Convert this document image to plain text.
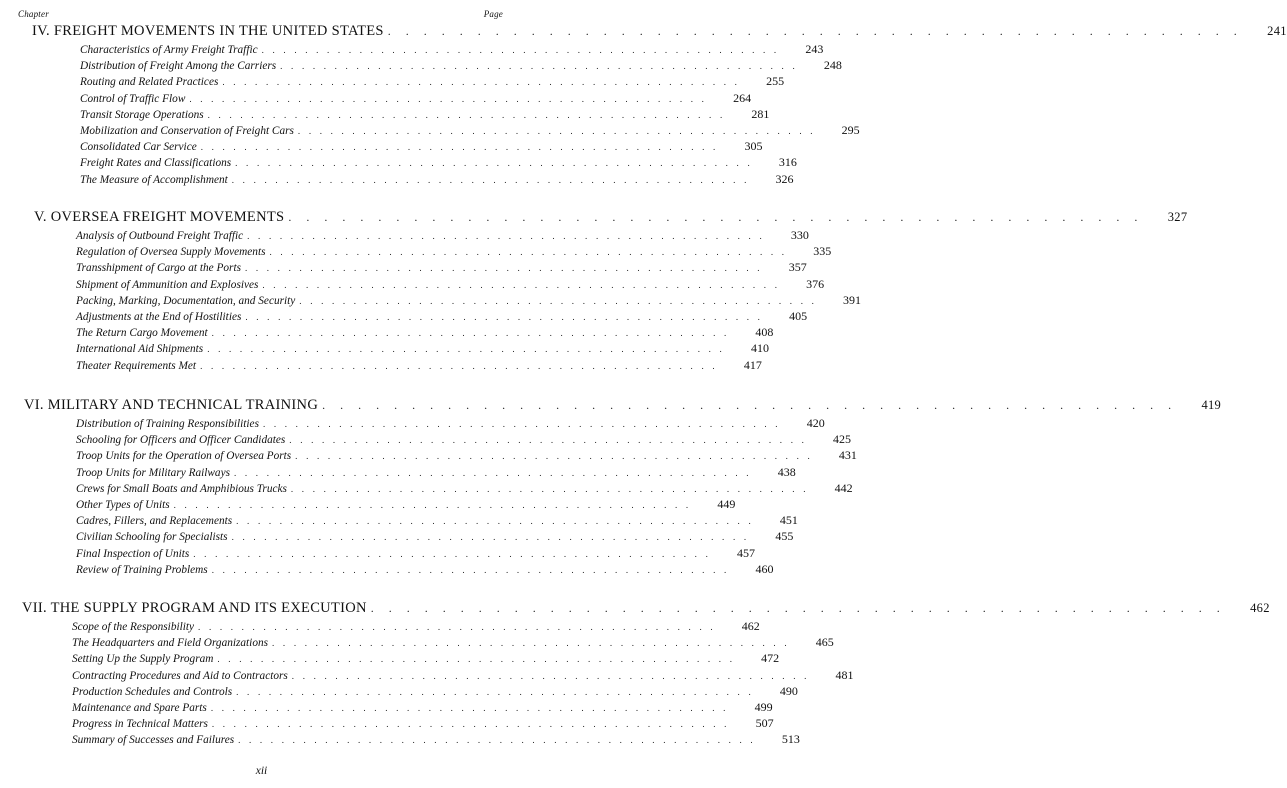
Chapter	Page
IV. FREIGHT MOVEMENTS IN THE UNITED STATES . . . . . . . . . . . . . . . . . . . . . . . . . . . . . . . . . . . . . . . . . . . . . . . .	241
Characteristics of Army Freight Traffic . . . . . . . . . . . . . . . . . . . . . . . . . . . . . . . . . . . . . . . . . . . . . . . .	243
Distribution of Freight Among the Carriers . . . . . . . . . . . . . . . . . . . . . . . . . . . . . . . . . . . . . . . . . . . . . . . .	248
Routing and Related Practices . . . . . . . . . . . . . . . . . . . . . . . . . . . . . . . . . . . . . . . . . . . . . . . .	255
Control of Traffic Flow . . . . . . . . . . . . . . . . . . . . . . . . . . . . . . . . . . . . . . . . . . . . . . . .	264
Transit Storage Operations . . . . . . . . . . . . . . . . . . . . . . . . . . . . . . . . . . . . . . . . . . . . . . . .	281
Mobilization and Conservation of Freight Cars . . . . . . . . . . . . . . . . . . . . . . . . . . . . . . . . . . . . . . . . . . . . . . . .	295
Consolidated Car Service . . . . . . . . . . . . . . . . . . . . . . . . . . . . . . . . . . . . . . . . . . . . . . . .	305
Freight Rates and Classifications . . . . . . . . . . . . . . . . . . . . . . . . . . . . . . . . . . . . . . . . . . . . . . . .	316
The Measure of Accomplishment . . . . . . . . . . . . . . . . . . . . . . . . . . . . . . . . . . . . . . . . . . . . . . . .	326
V. OVERSEA FREIGHT MOVEMENTS . . . . . . . . . . . . . . . . . . . . . . . . . . . . . . . . . . . . . . . . . . . . . . . .	327
Analysis of Outbound Freight Traffic . . . . . . . . . . . . . . . . . . . . . . . . . . . . . . . . . . . . . . . . . . . . . . . .	330
Regulation of Oversea Supply Movements . . . . . . . . . . . . . . . . . . . . . . . . . . . . . . . . . . . . . . . . . . . . . . . .	335
Transshipment of Cargo at the Ports . . . . . . . . . . . . . . . . . . . . . . . . . . . . . . . . . . . . . . . . . . . . . . . .	357
Shipment of Ammunition and Explosives . . . . . . . . . . . . . . . . . . . . . . . . . . . . . . . . . . . . . . . . . . . . . . . .	376
Packing, Marking, Documentation, and Security . . . . . . . . . . . . . . . . . . . . . . . . . . . . . . . . . . . . . . . . . . . . . . . .	391
Adjustments at the End of Hostilities . . . . . . . . . . . . . . . . . . . . . . . . . . . . . . . . . . . . . . . . . . . . . . . .	405
The Return Cargo Movement . . . . . . . . . . . . . . . . . . . . . . . . . . . . . . . . . . . . . . . . . . . . . . . .	408
International Aid Shipments . . . . . . . . . . . . . . . . . . . . . . . . . . . . . . . . . . . . . . . . . . . . . . . .	410
Theater Requirements Met . . . . . . . . . . . . . . . . . . . . . . . . . . . . . . . . . . . . . . . . . . . . . . . .	417
VI. MILITARY AND TECHNICAL TRAINING . . . . . . . . . . . . . . . . . . . . . . . . . . . . . . . . . . . . . . . . . . . . . . . .	419
Distribution of Training Responsibilities . . . . . . . . . . . . . . . . . . . . . . . . . . . . . . . . . . . . . . . . . . . . . . . .	420
Schooling for Officers and Officer Candidates . . . . . . . . . . . . . . . . . . . . . . . . . . . . . . . . . . . . . . . . . . . . . . . .	425
Troop Units for the Operation of Oversea Ports . . . . . . . . . . . . . . . . . . . . . . . . . . . . . . . . . . . . . . . . . . . . . . . .	431
Troop Units for Military Railways . . . . . . . . . . . . . . . . . . . . . . . . . . . . . . . . . . . . . . . . . . . . . . . .	438
Crews for Small Boats and Amphibious Trucks . . . . . . . . . . . . . . . . . . . . . . . . . . . . . . . . . . . . . . . . . . . . . . . .	442
Other Types of Units . . . . . . . . . . . . . . . . . . . . . . . . . . . . . . . . . . . . . . . . . . . . . . . .	449
Cadres, Fillers, and Replacements . . . . . . . . . . . . . . . . . . . . . . . . . . . . . . . . . . . . . . . . . . . . . . . .	451
Civilian Schooling for Specialists . . . . . . . . . . . . . . . . . . . . . . . . . . . . . . . . . . . . . . . . . . . . . . . .	455
Final Inspection of Units . . . . . . . . . . . . . . . . . . . . . . . . . . . . . . . . . . . . . . . . . . . . . . . .	457
Review of Training Problems . . . . . . . . . . . . . . . . . . . . . . . . . . . . . . . . . . . . . . . . . . . . . . . .	460
VII. THE SUPPLY PROGRAM AND ITS EXECUTION . . . . . . . . . . . . . . . . . . . . . . . . . . . . . . . . . . . . . . . . . . . . . . . .	462
Scope of the Responsibility . . . . . . . . . . . . . . . . . . . . . . . . . . . . . . . . . . . . . . . . . . . . . . . .	462
The Headquarters and Field Organizations . . . . . . . . . . . . . . . . . . . . . . . . . . . . . . . . . . . . . . . . . . . . . . . .	465
Setting Up the Supply Program . . . . . . . . . . . . . . . . . . . . . . . . . . . . . . . . . . . . . . . . . . . . . . . .	472
Contracting Procedures and Aid to Contractors . . . . . . . . . . . . . . . . . . . . . . . . . . . . . . . . . . . . . . . . . . . . . . . .	481
Production Schedules and Controls . . . . . . . . . . . . . . . . . . . . . . . . . . . . . . . . . . . . . . . . . . . . . . . .	490
Maintenance and Spare Parts . . . . . . . . . . . . . . . . . . . . . . . . . . . . . . . . . . . . . . . . . . . . . . . .	499
Progress in Technical Matters . . . . . . . . . . . . . . . . . . . . . . . . . . . . . . . . . . . . . . . . . . . . . . . .	507
Summary of Successes and Failures . . . . . . . . . . . . . . . . . . . . . . . . . . . . . . . . . . . . . . . . . . . . . . . .	513
xii
